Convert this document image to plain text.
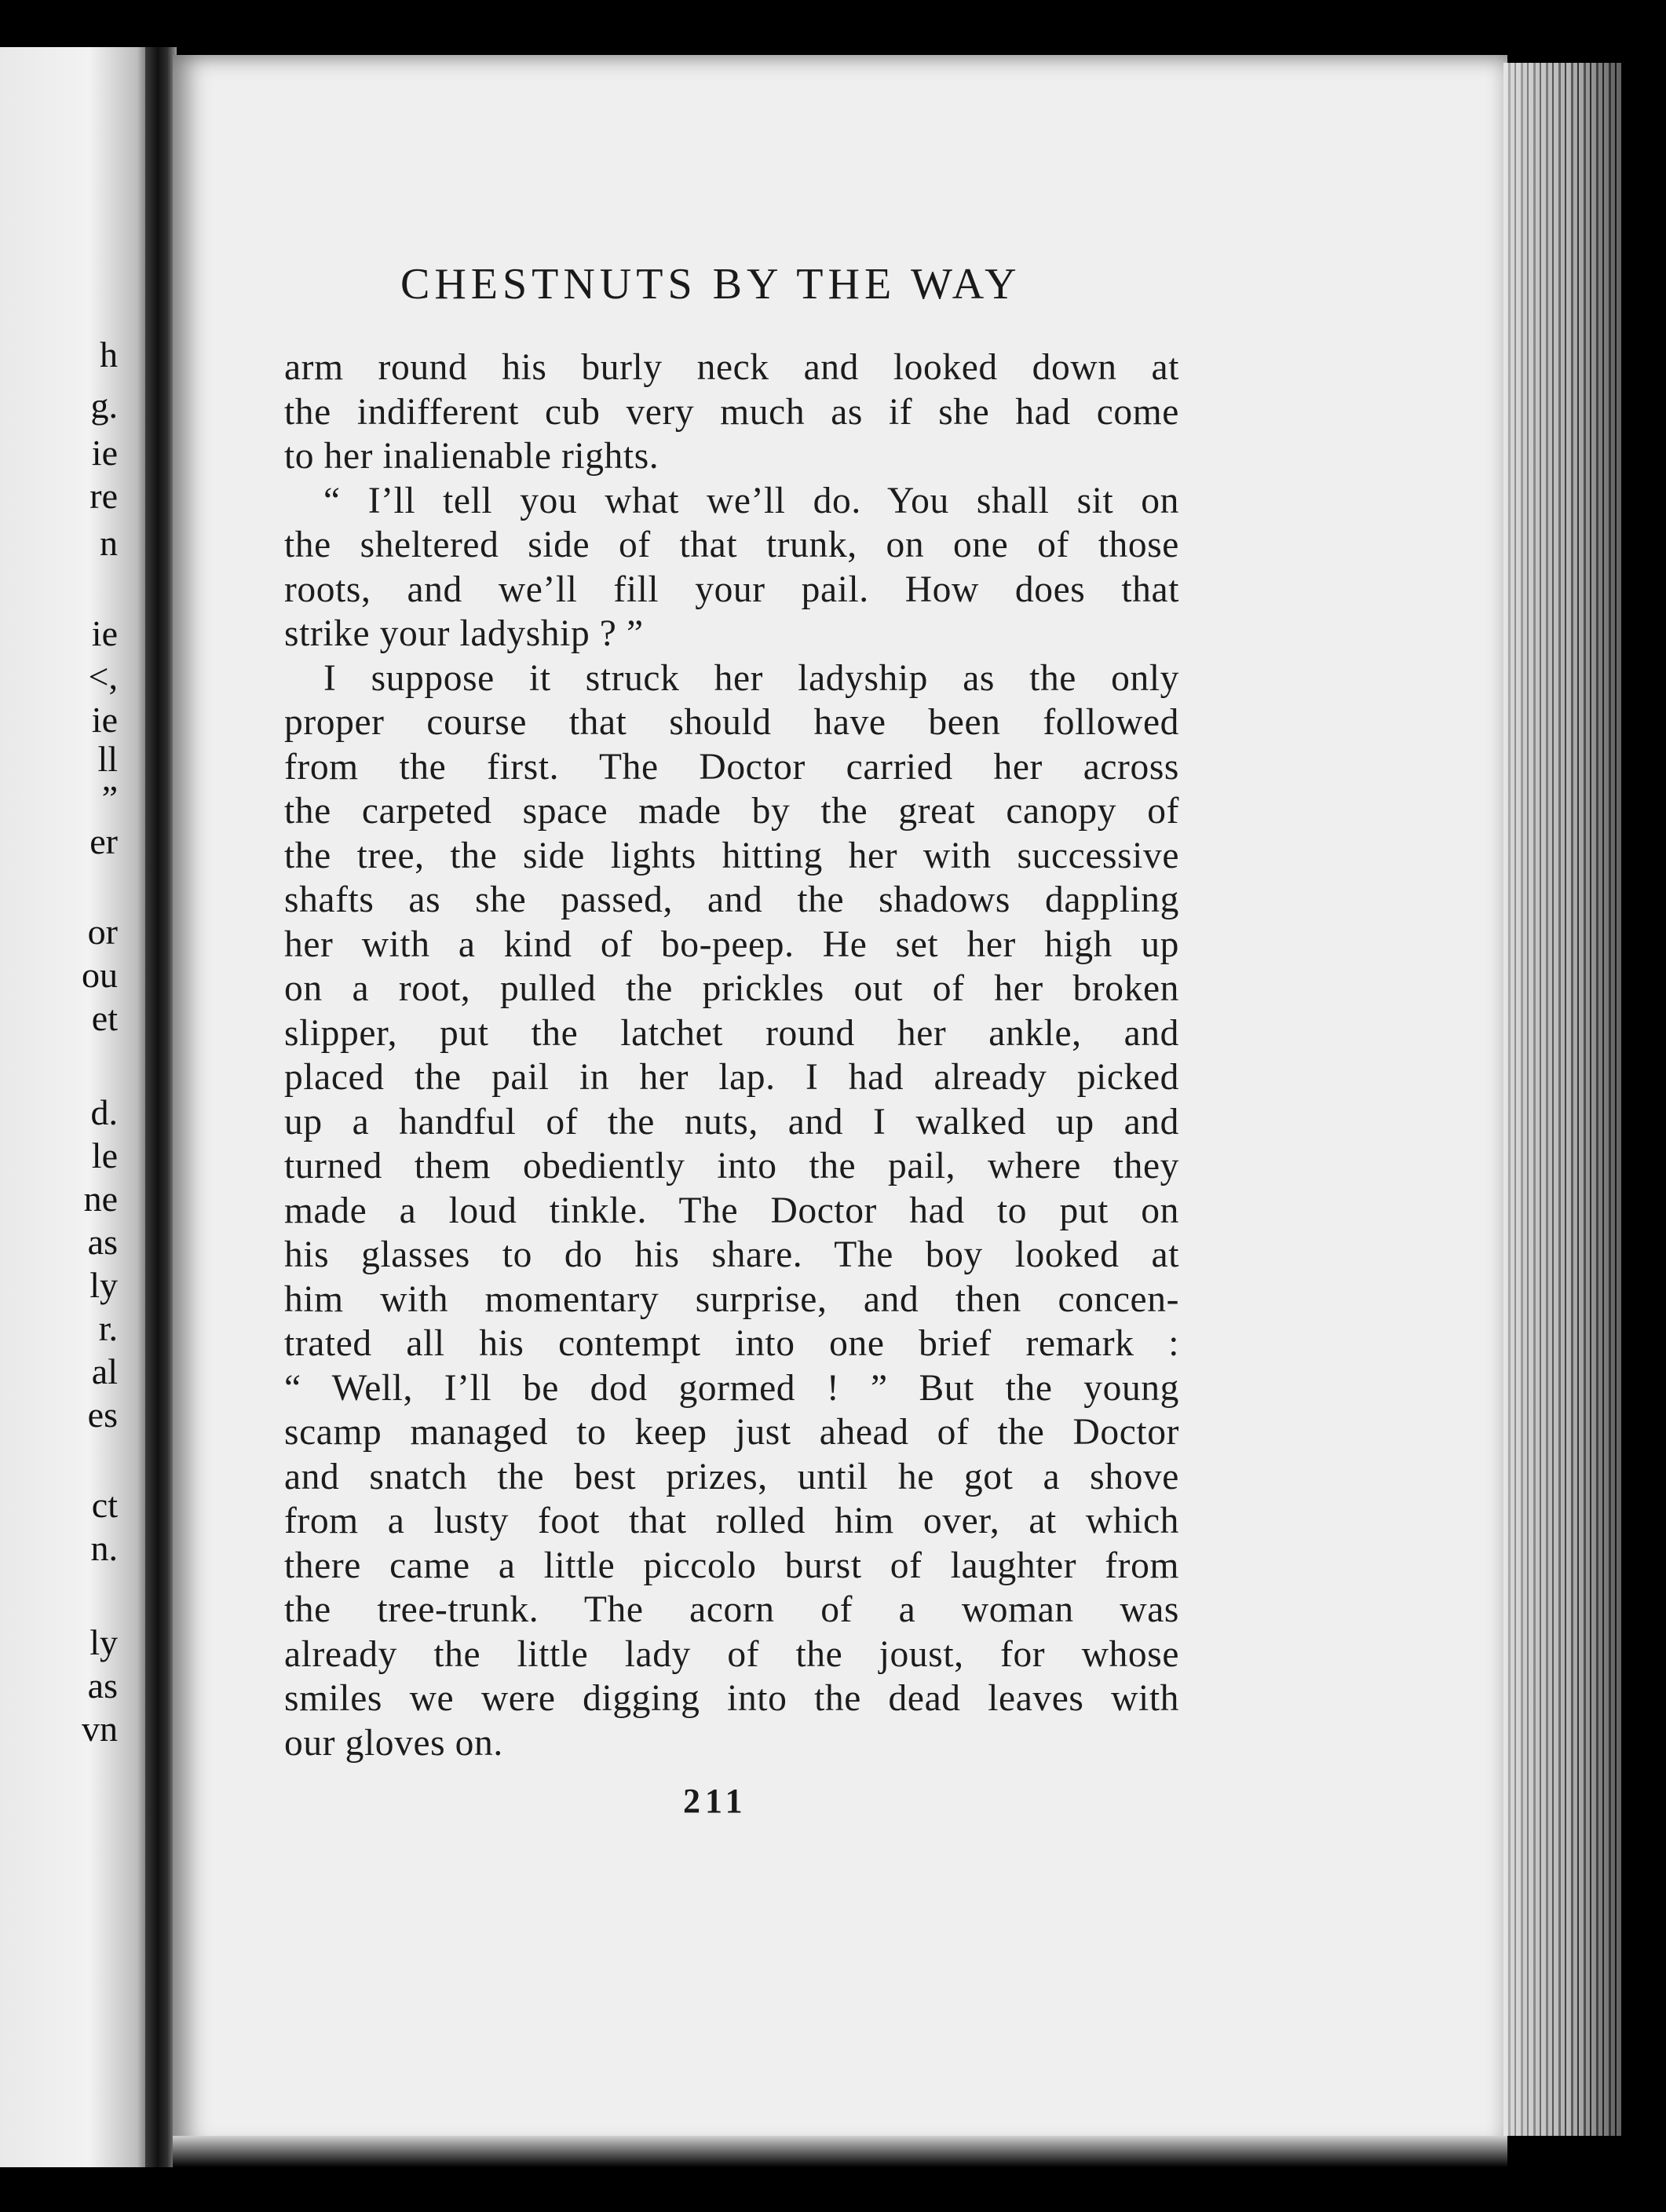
h
g.
ie
re
n
ie
<,
ie
ll
”
er
or
ou
et
d.
le
ne
as
ly
r.
al
es
ct
n.
ly
as
vn
CHESTNUTS BY THE WAY
arm round his burly neck and looked down at
the indifferent cub very much as if she had come
to her inalienable rights.
“ I’ll tell you what we’ll do. You shall sit on
the sheltered side of that trunk, on one of those
roots, and we’ll fill your pail. How does that
strike your ladyship ? ”
I suppose it struck her ladyship as the only
proper course that should have been followed
from the first. The Doctor carried her across
the carpeted space made by the great canopy of
the tree, the side lights hitting her with successive
shafts as she passed, and the shadows dappling
her with a kind of bo-peep. He set her high up
on a root, pulled the prickles out of her broken
slipper, put the latchet round her ankle, and
placed the pail in her lap. I had already picked
up a handful of the nuts, and I walked up and
turned them obediently into the pail, where they
made a loud tinkle. The Doctor had to put on
his glasses to do his share. The boy looked at
him with momentary surprise, and then concen-
trated all his contempt into one brief remark :
“ Well, I’ll be dod gormed ! ” But the young
scamp managed to keep just ahead of the Doctor
and snatch the best prizes, until he got a shove
from a lusty foot that rolled him over, at which
there came a little piccolo burst of laughter from
the tree-trunk. The acorn of a woman was
already the little lady of the joust, for whose
smiles we were digging into the dead leaves with
our gloves on.
211
